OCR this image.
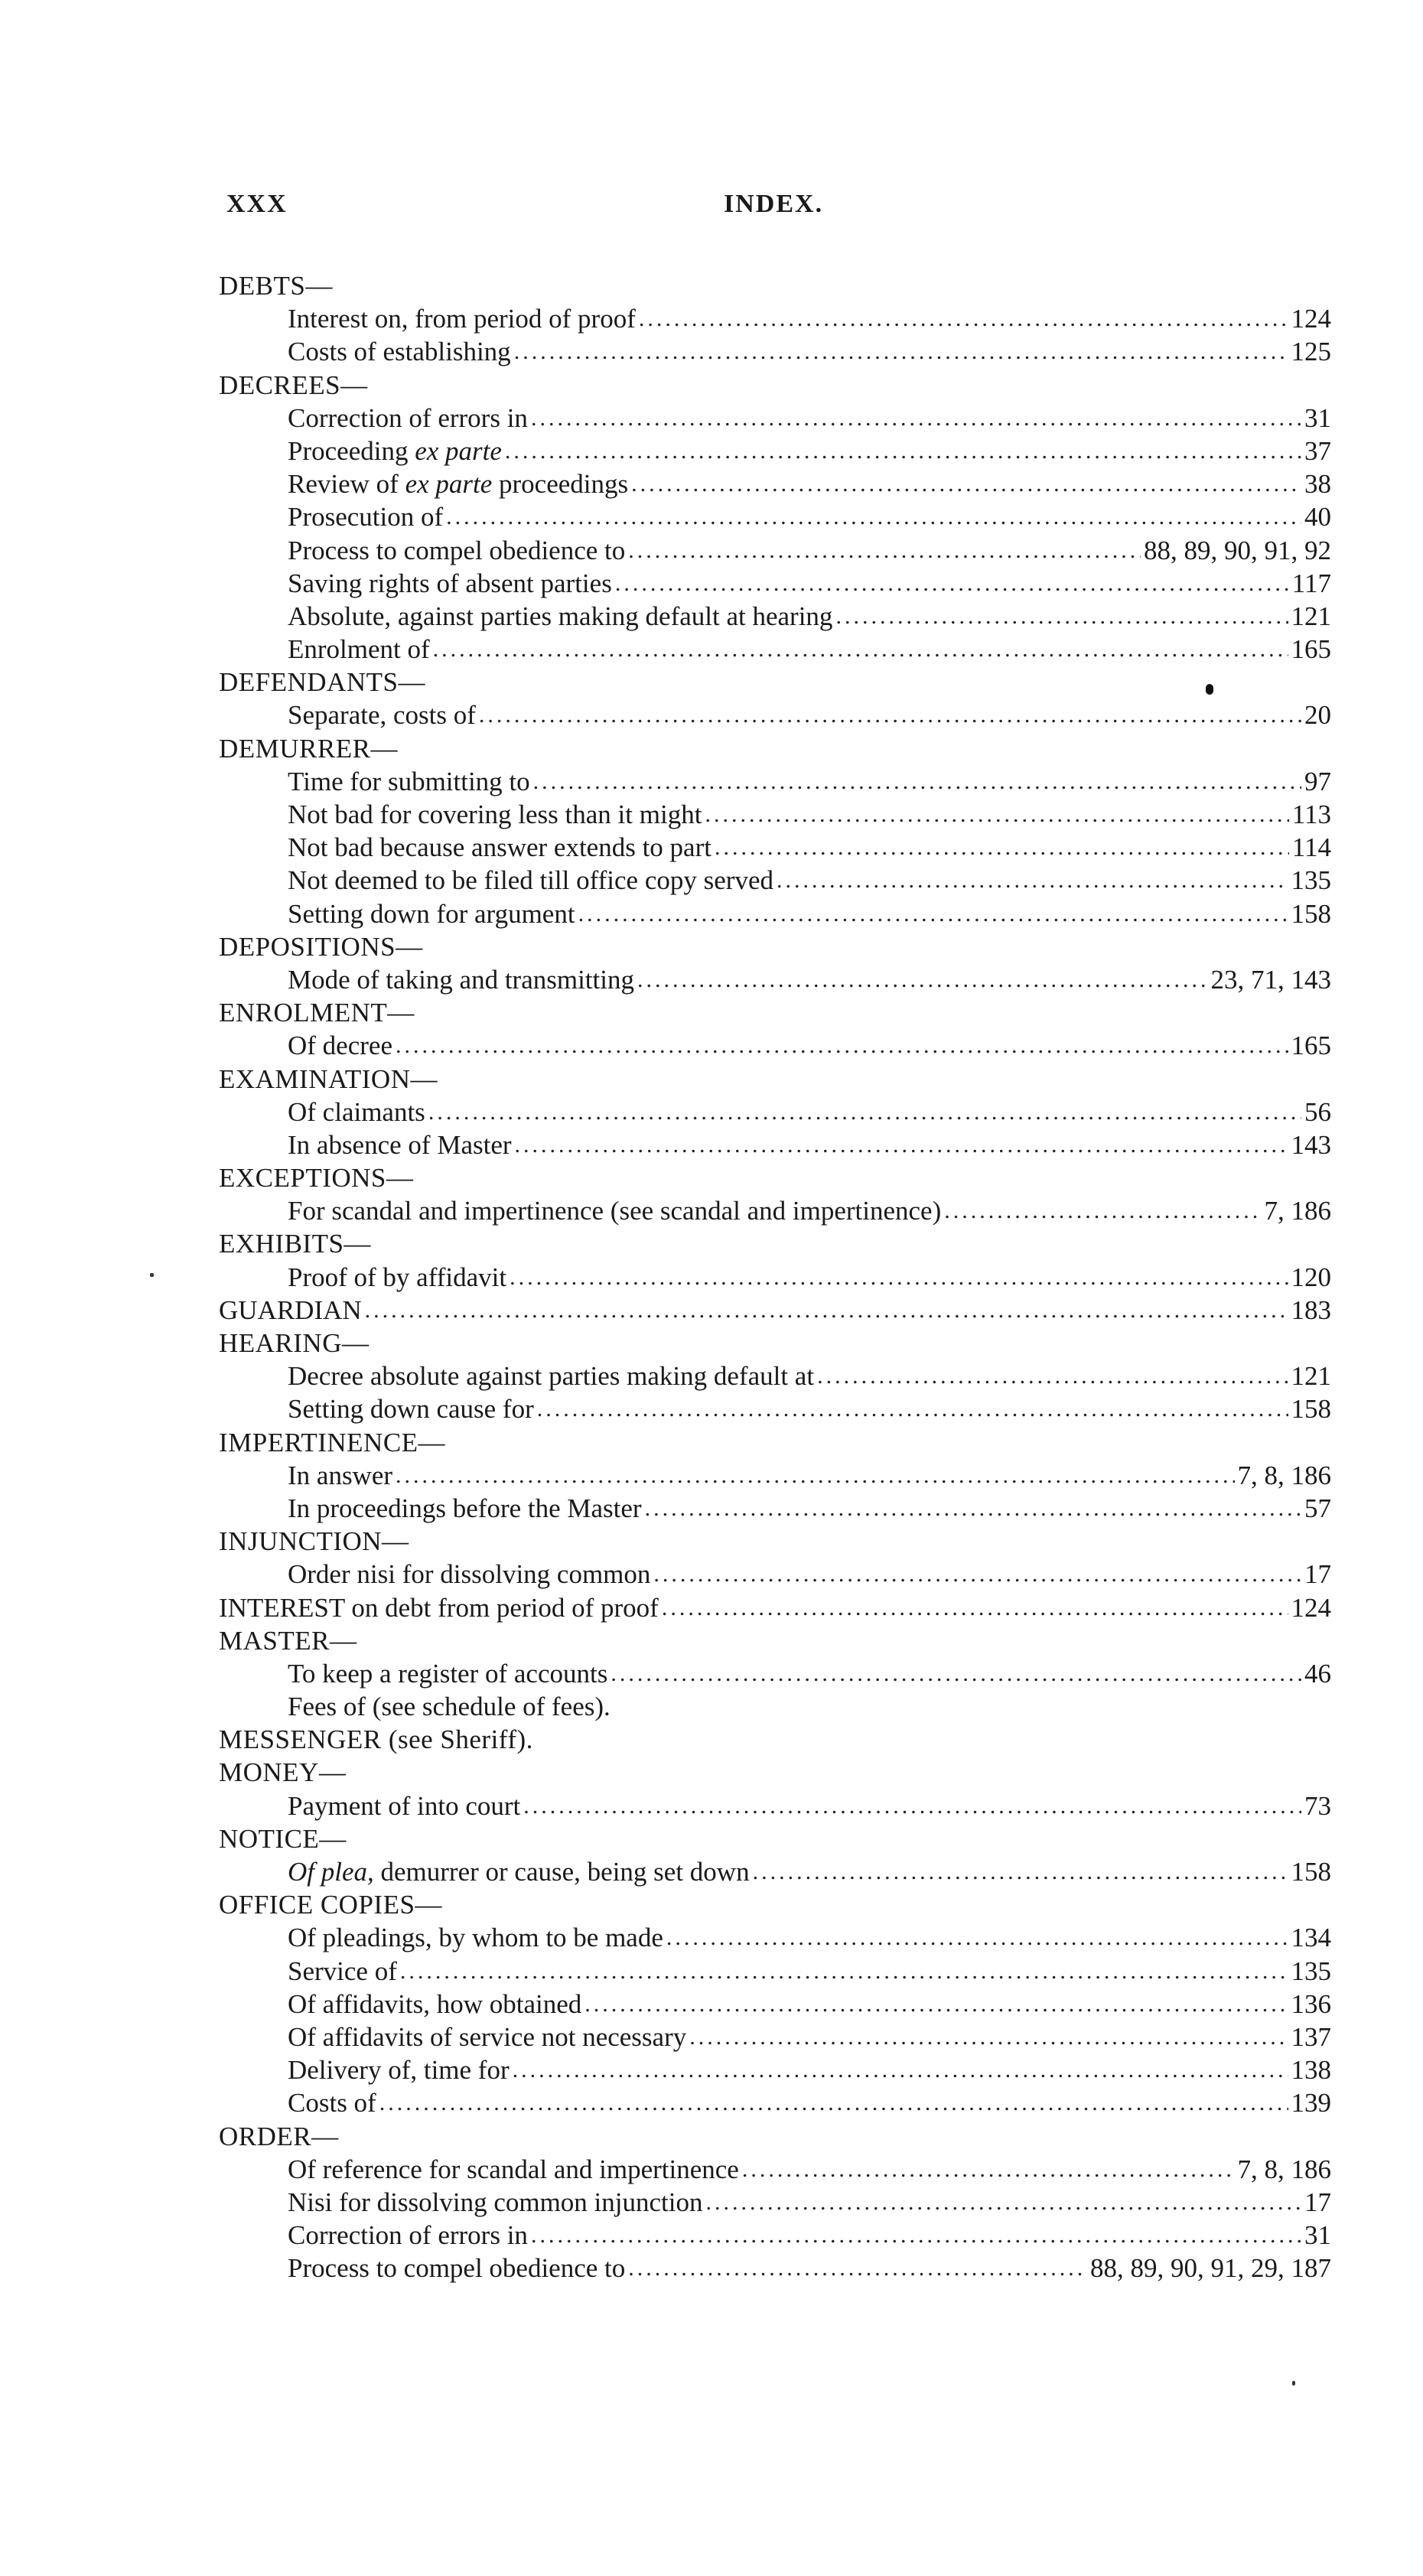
XXX	INDEX.
DEBTS—
Interest on, from period of proof .....	124
Costs of establishing .....	125
DECREES—
Correction of errors in .....	31
Proceeding ex parte .....	37
Review of ex parte proceedings .....	38
Prosecution of .....	40
Process to compel obedience to .....	88, 89, 90, 91, 92
Saving rights of absent parties .....	117
Absolute, against parties making default at hearing .....	121
Enrolment of .....	165
DEFENDANTS—
Separate, costs of .....	20
DEMURRER—
Time for submitting to .....	97
Not bad for covering less than it might .....	113
Not bad because answer extends to part .....	114
Not deemed to be filed till office copy served .....	135
Setting down for argument .....	158
DEPOSITIONS—
Mode of taking and transmitting .....	23, 71, 143
ENROLMENT—
Of decree .....	165
EXAMINATION—
Of claimants .....	56
In absence of Master .....	143
EXCEPTIONS—
For scandal and impertinence (see scandal and impertinence) .....	7, 186
EXHIBITS—
Proof of by affidavit .....	120
GUARDIAN .....	183
HEARING—
Decree absolute against parties making default at .....	121
Setting down cause for .....	158
IMPERTINENCE—
In answer .....	7, 8, 186
In proceedings before the Master .....	57
INJUNCTION—
Order nisi for dissolving common .....	17
INTEREST on debt from period of proof .....	124
MASTER—
To keep a register of accounts .....	46
Fees of (see schedule of fees).
MESSENGER (see Sheriff).
MONEY—
Payment of into court .....	73
NOTICE—
Of plea, demurrer or cause, being set down .....	158
OFFICE COPIES—
Of pleadings, by whom to be made .....	134
Service of .....	135
Of affidavits, how obtained .....	136
Of affidavits of service not necessary .....	137
Delivery of, time for .....	138
Costs of .....	139
ORDER—
Of reference for scandal and impertinence .....	7, 8, 186
Nisi for dissolving common injunction .....	17
Correction of errors in .....	31
Process to compel obedience to .....	88, 89, 90, 91, 29, 187
